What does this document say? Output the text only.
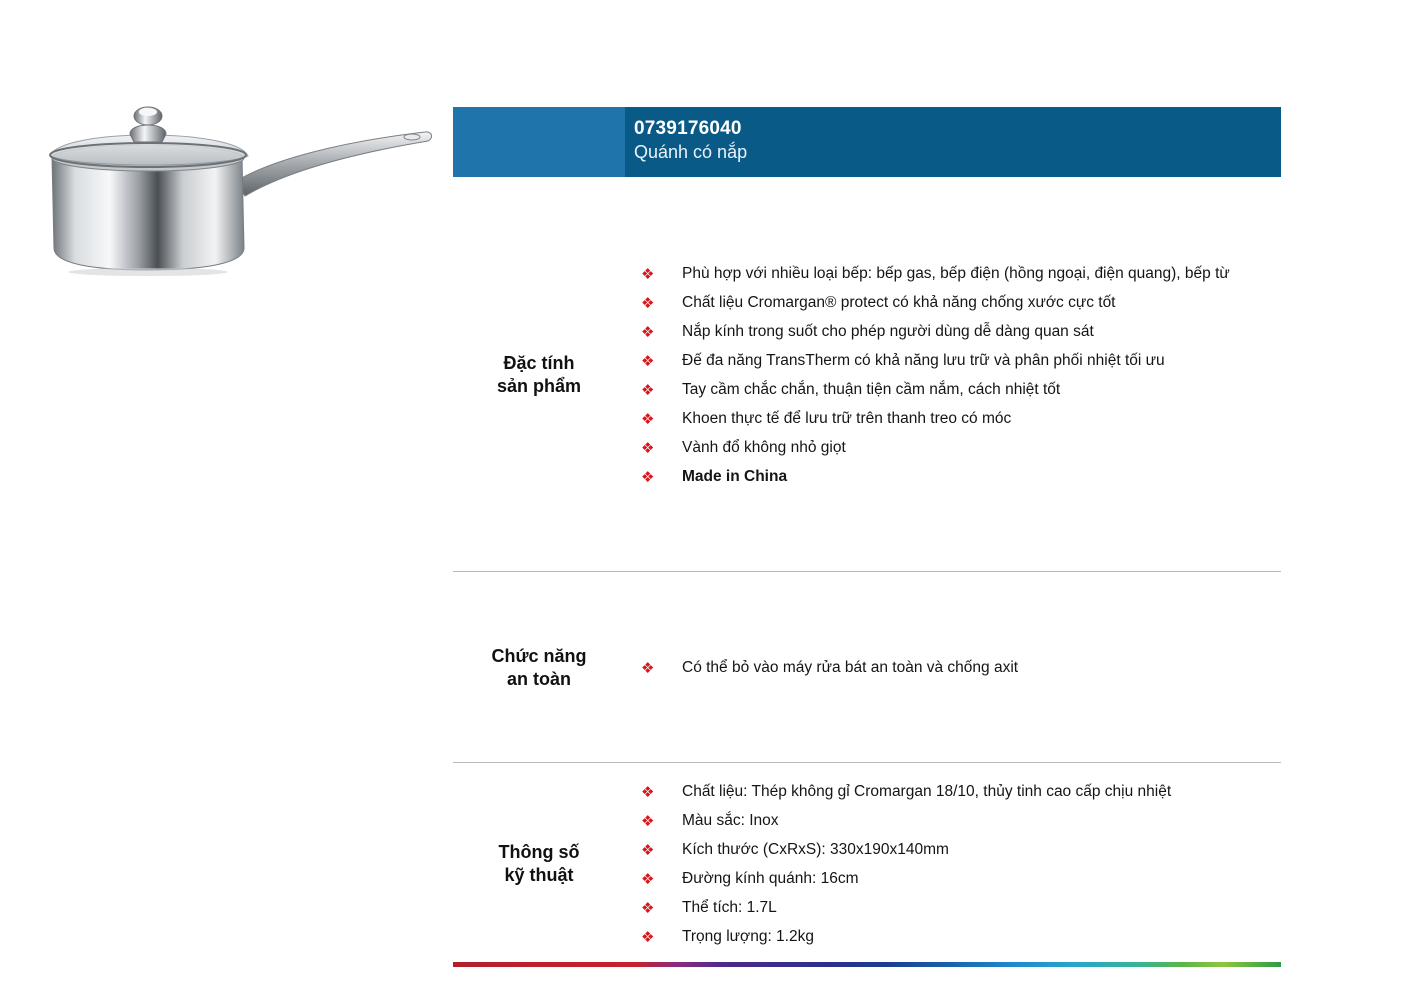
0739176040
Quánh có nắp
Đặc tính
sản phẩm
❖	Phù hợp với nhiều loại bếp: bếp gas, bếp điện (hồng ngoại, điện quang), bếp từ
❖	Chất liệu Cromargan® protect có khả năng chống xước cực tốt
❖	Nắp kính trong suốt cho phép người dùng dễ dàng quan sát
❖	Đế đa năng TransTherm có khả năng lưu trữ và phân phối nhiệt tối ưu
❖	Tay cầm chắc chắn, thuận tiện cầm nắm, cách nhiệt tốt
❖	Khoen thực tế để lưu trữ trên thanh treo có móc
❖	Vành đổ không nhỏ giọt
❖	Made in China
Chức năng
an toàn
❖	Có thể bỏ vào máy rửa bát an toàn và chống axit
Thông số
kỹ thuật
❖	Chất liệu: Thép không gỉ Cromargan 18/10, thủy tinh cao cấp chịu nhiệt
❖	Màu sắc: Inox
❖	Kích thước (CxRxS): 330x190x140mm
❖	Đường kính quánh: 16cm
❖	Thể tích: 1.7L
❖	Trọng lượng: 1.2kg
